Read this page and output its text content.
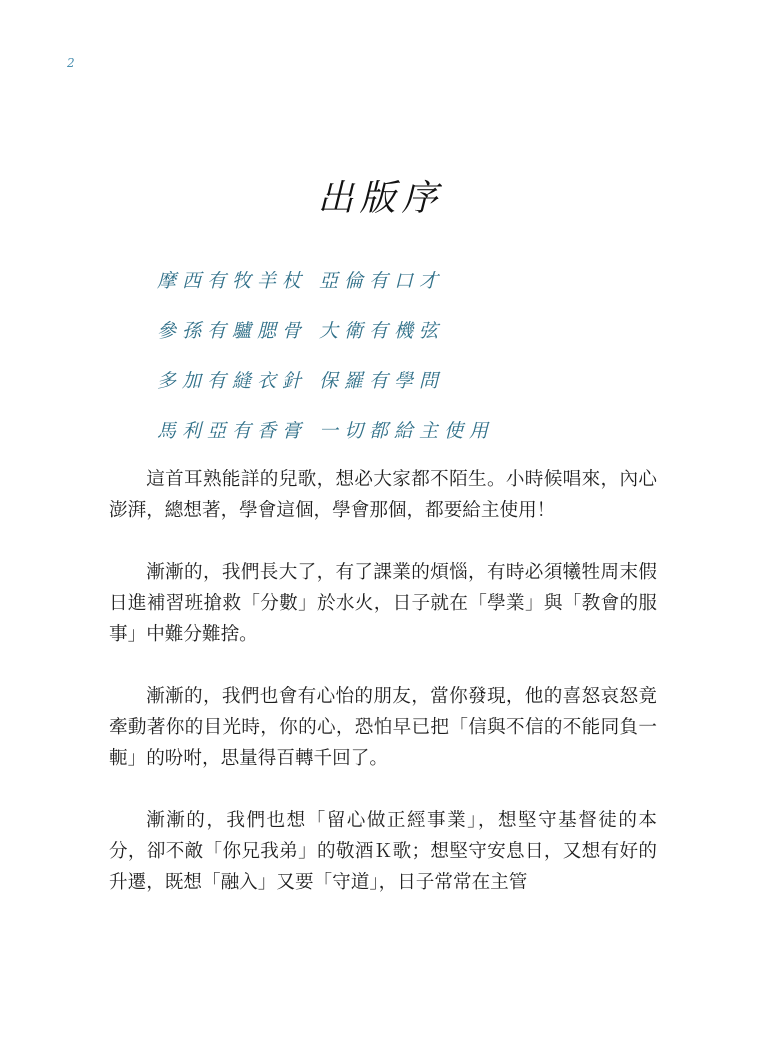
2
出版序
摩西有牧羊杖 亞倫有口才
參孫有驢腮骨 大衛有機弦
多加有縫衣針 保羅有學問
馬利亞有香膏 一切都給主使用

這首耳熟能詳的兒歌，想必大家都不陌生。小時候唱來，內心澎湃，總想著，學會這個，學會那個，都要給主使用！

漸漸的，我們長大了，有了課業的煩惱，有時必須犧牲周末假日進補習班搶救「分數」於水火，日子就在「學業」與「教會的服事」中難分難捨。

漸漸的，我們也會有心怡的朋友，當你發現，他的喜怒哀怒竟牽動著你的目光時，你的心，恐怕早已把「信與不信的不能同負一軛」的吩咐，思量得百轉千回了。

漸漸的，我們也想「留心做正經事業」，想堅守基督徒的本分，卻不敵「你兄我弟」的敬酒Ｋ歌；想堅守安息日，又想有好的升遷，既想「融入」又要「守道」，日子常常在主管
